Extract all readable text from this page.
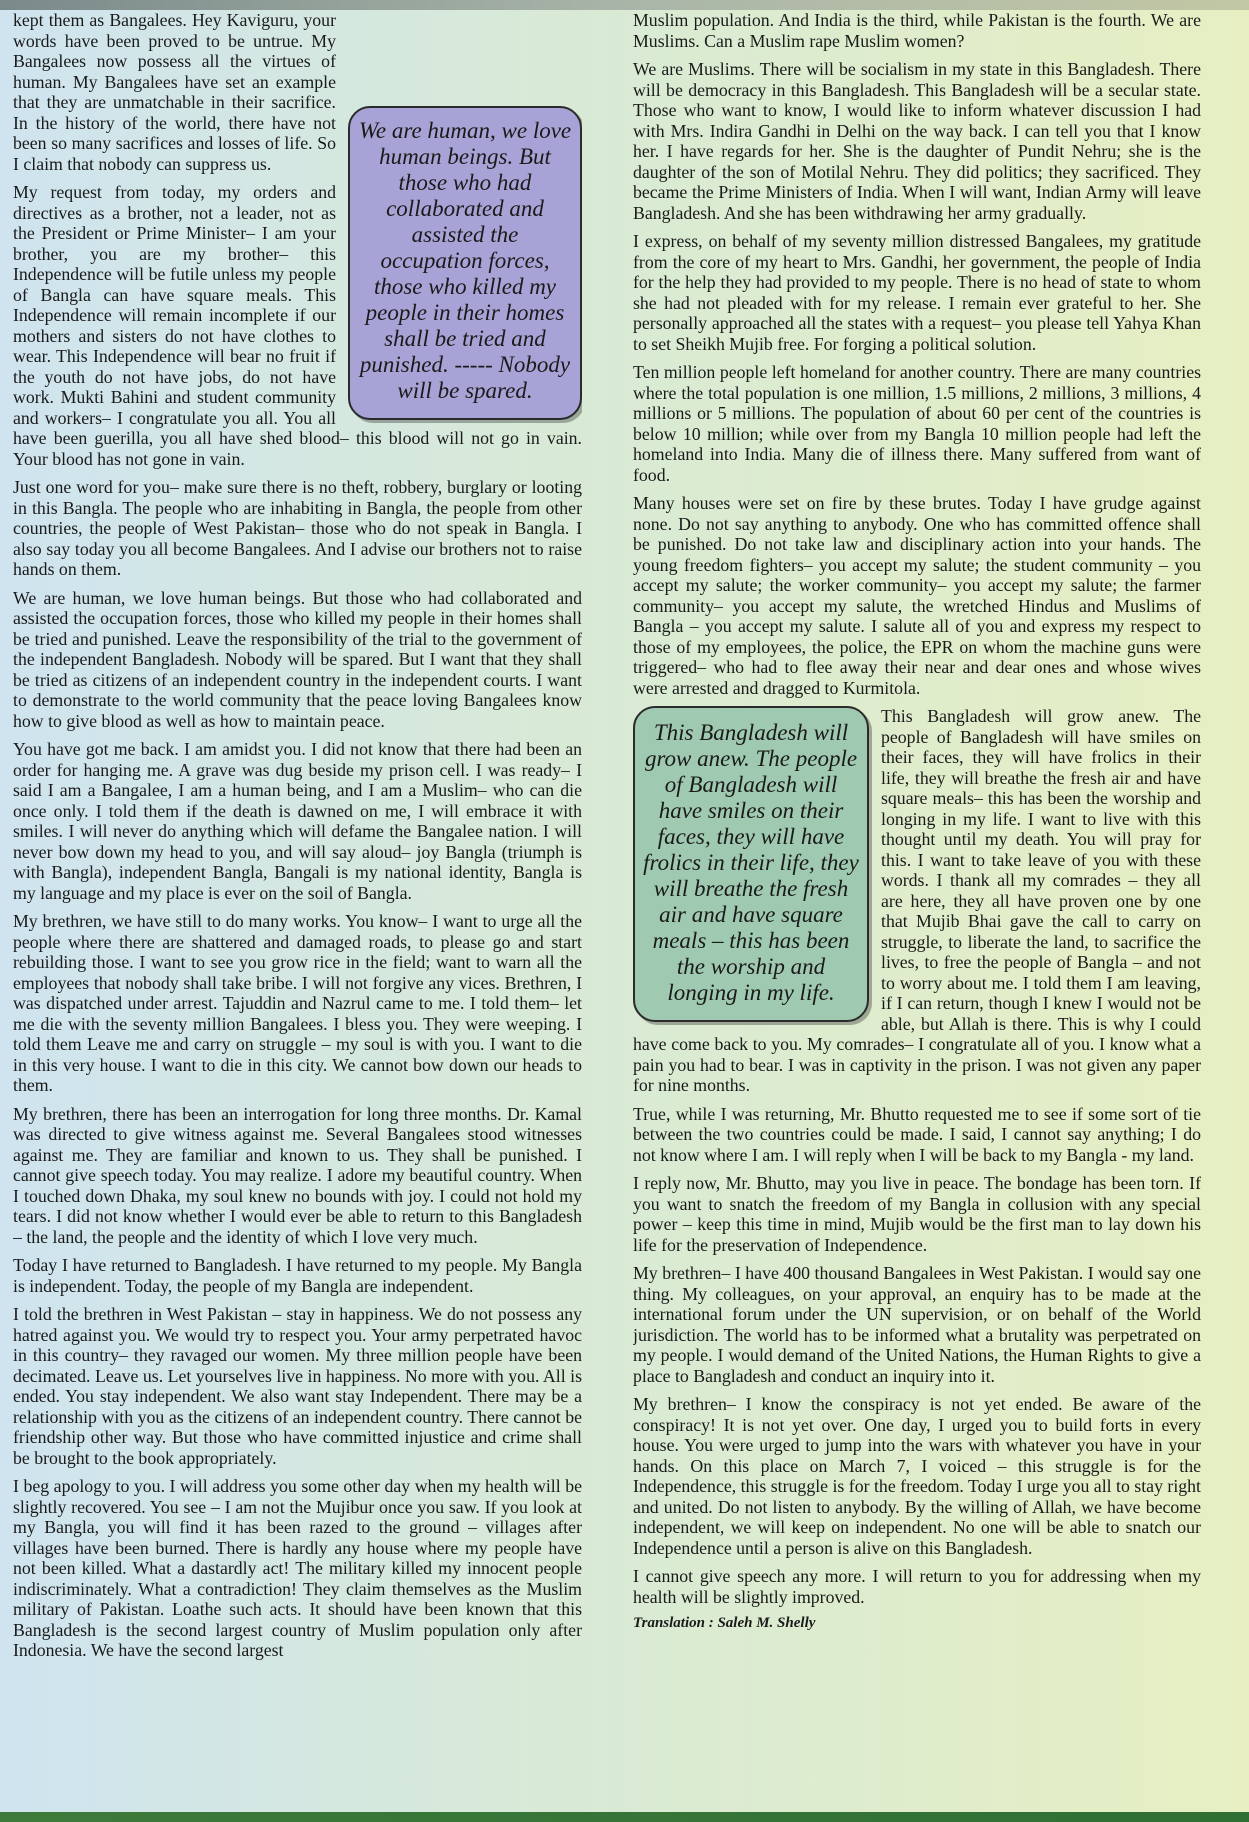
We are human, we love human beings. But those who had collaborated and assisted the occupation forces, those who killed my people in their homes shall be tried and punished. ----- Nobody will be spared.

kept them as Bangalees. Hey Kaviguru, your words have been proved to be untrue. My Bangalees now possess all the virtues of human. My Bangalees have set an example that they are unmatchable in their sacrifice. In the history of the world, there have not been so many sacrifices and losses of life. So I claim that nobody can suppress us.

My request from today, my orders and directives as a brother, not a leader, not as the President or Prime Minister– I am your brother, you are my brother– this Independence will be futile unless my people of Bangla can have square meals. This Independence will remain incomplete if our mothers and sisters do not have clothes to wear. This Independence will bear no fruit if the youth do not have jobs, do not have work. Mukti Bahini and student community and workers– I congratulate you all. You all have been guerilla, you all have shed blood– this blood will not go in vain. Your blood has not gone in vain.

Just one word for you– make sure there is no theft, robbery, burglary or looting in this Bangla. The people who are inhabiting in Bangla, the people from other countries, the people of West Pakistan– those who do not speak in Bangla. I also say today you all become Bangalees. And I advise our brothers not to raise hands on them.

We are human, we love human beings. But those who had collaborated and assisted the occupation forces, those who killed my people in their homes shall be tried and punished. Leave the responsibility of the trial to the government of the independent Bangladesh. Nobody will be spared. But I want that they shall be tried as citizens of an independent country in the independent courts. I want to demonstrate to the world community that the peace loving Bangalees know how to give blood as well as how to maintain peace.

You have got me back. I am amidst you. I did not know that there had been an order for hanging me. A grave was dug beside my prison cell. I was ready– I said I am a Bangalee, I am a human being, and I am a Muslim– who can die once only. I told them if the death is dawned on me, I will embrace it with smiles. I will never do anything which will defame the Bangalee nation. I will never bow down my head to you, and will say aloud– joy Bangla (triumph is with Bangla), independent Bangla, Bangali is my national identity, Bangla is my language and my place is ever on the soil of Bangla.

My brethren, we have still to do many works. You know– I want to urge all the people where there are shattered and damaged roads, to please go and start rebuilding those. I want to see you grow rice in the field; want to warn all the employees that nobody shall take bribe. I will not forgive any vices. Brethren, I was dispatched under arrest. Tajuddin and Nazrul came to me. I told them– let me die with the seventy million Bangalees. I bless you. They were weeping. I told them Leave me and carry on struggle – my soul is with you. I want to die in this very house. I want to die in this city. We cannot bow down our heads to them.

My brethren, there has been an interrogation for long three months. Dr. Kamal was directed to give witness against me. Several Bangalees stood witnesses against me. They are familiar and known to us. They shall be punished. I cannot give speech today. You may realize. I adore my beautiful country. When I touched down Dhaka, my soul knew no bounds with joy. I could not hold my tears. I did not know whether I would ever be able to return to this Bangladesh – the land, the people and the identity of which I love very much.

Today I have returned to Bangladesh. I have returned to my people. My Bangla is independent. Today, the people of my Bangla are independent.

I told the brethren in West Pakistan – stay in happiness. We do not possess any hatred against you. We would try to respect you. Your army perpetrated havoc in this country– they ravaged our women. My three million people have been decimated. Leave us. Let yourselves live in happiness. No more with you. All is ended. You stay independent. We also want stay Independent. There may be a relationship with you as the citizens of an independent country. There cannot be friendship other way. But those who have committed injustice and crime shall be brought to the book appropriately.

I beg apology to you. I will address you some other day when my health will be slightly recovered. You see – I am not the Mujibur once you saw. If you look at my Bangla, you will find it has been razed to the ground – villages after villages have been burned. There is hardly any house where my people have not been killed. What a dastardly act! The military killed my innocent people indiscriminately. What a contradiction! They claim themselves as the Muslim military of Pakistan. Loathe such acts. It should have been known that this Bangladesh is the second largest country of Muslim population only after Indonesia. We have the second largest

Muslim population. And India is the third, while Pakistan is the fourth. We are Muslims. Can a Muslim rape Muslim women?

We are Muslims. There will be socialism in my state in this Bangladesh. There will be democracy in this Bangladesh. This Bangladesh will be a secular state. Those who want to know, I would like to inform whatever discussion I had with Mrs. Indira Gandhi in Delhi on the way back. I can tell you that I know her. I have regards for her. She is the daughter of Pundit Nehru; she is the daughter of the son of Motilal Nehru. They did politics; they sacrificed. They became the Prime Ministers of India. When I will want, Indian Army will leave Bangladesh. And she has been withdrawing her army gradually.

I express, on behalf of my seventy million distressed Bangalees, my gratitude from the core of my heart to Mrs. Gandhi, her government, the people of India for the help they had provided to my people. There is no head of state to whom she had not pleaded with for my release. I remain ever grateful to her. She personally approached all the states with a request– you please tell Yahya Khan to set Sheikh Mujib free. For forging a political solution.

Ten million people left homeland for another country. There are many countries where the total population is one million, 1.5 millions, 2 millions, 3 millions, 4 millions or 5 millions. The population of about 60 per cent of the countries is below 10 million; while over from my Bangla 10 million people had left the homeland into India. Many die of illness there. Many suffered from want of food.

Many houses were set on fire by these brutes. Today I have grudge against none. Do not say anything to anybody. One who has committed offence shall be punished. Do not take law and disciplinary action into your hands. The young freedom fighters– you accept my salute; the student community – you accept my salute; the worker community– you accept my salute; the farmer community– you accept my salute, the wretched Hindus and Muslims of Bangla – you accept my salute. I salute all of you and express my respect to those of my employees, the police, the EPR on whom the machine guns were triggered– who had to flee away their near and dear ones and whose wives were arrested and dragged to Kurmitola.

This Bangladesh will grow anew. The people of Bangladesh will have smiles on their faces, they will have frolics in their life, they will breathe the fresh air and have square meals – this has been the worship and longing in my life.

This Bangladesh will grow anew. The people of Bangladesh will have smiles on their faces, they will have frolics in their life, they will breathe the fresh air and have square meals– this has been the worship and longing in my life. I want to live with this thought until my death. You will pray for this. I want to take leave of you with these words. I thank all my comrades – they all are here, they all have proven one by one that Mujib Bhai gave the call to carry on struggle, to liberate the land, to sacrifice the lives, to free the people of Bangla – and not to worry about me. I told them I am leaving, if I can return, though I knew I would not be able, but Allah is there. This is why I could have come back to you. My comrades– I congratulate all of you. I know what a pain you had to bear. I was in captivity in the prison. I was not given any paper for nine months.

True, while I was returning, Mr. Bhutto requested me to see if some sort of tie between the two countries could be made. I said, I cannot say anything; I do not know where I am. I will reply when I will be back to my Bangla - my land.

I reply now, Mr. Bhutto, may you live in peace. The bondage has been torn. If you want to snatch the freedom of my Bangla in collusion with any special power – keep this time in mind, Mujib would be the first man to lay down his life for the preservation of Independence.

My brethren– I have 400 thousand Bangalees in West Pakistan. I would say one thing. My colleagues, on your approval, an enquiry has to be made at the international forum under the UN supervision, or on behalf of the World jurisdiction. The world has to be informed what a brutality was perpetrated on my people. I would demand of the United Nations, the Human Rights to give a place to Bangladesh and conduct an inquiry into it.

My brethren– I know the conspiracy is not yet ended. Be aware of the conspiracy! It is not yet over. One day, I urged you to build forts in every house. You were urged to jump into the wars with whatever you have in your hands. On this place on March 7, I voiced – this struggle is for the Independence, this struggle is for the freedom. Today I urge you all to stay right and united. Do not listen to anybody. By the willing of Allah, we have become independent, we will keep on independent. No one will be able to snatch our Independence until a person is alive on this Bangladesh.

I cannot give speech any more. I will return to you for addressing when my health will be slightly improved.

Translation : Saleh M. Shelly
